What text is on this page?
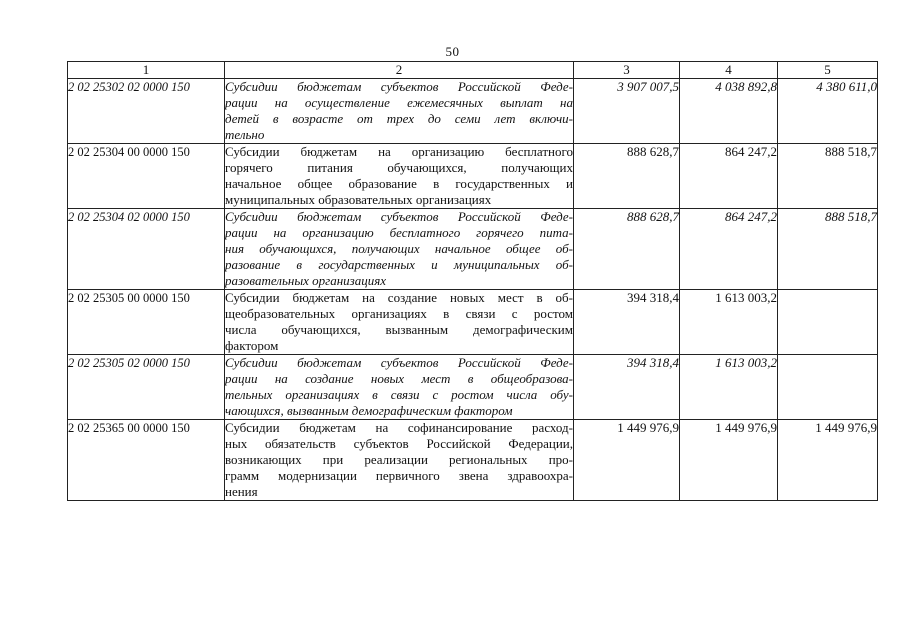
50
1	2	3	4	5
2 02 25302 02 0000 150	Субсидии бюджетам субъектов Российской Феде-
рации на осуществление ежемесячных выплат на
детей в возрасте от трех до семи лет включи-
тельно	3 907 007,5	4 038 892,8	4 380 611,0
2 02 25304 00 0000 150	Субсидии бюджетам на организацию бесплатного
горячего питания обучающихся, получающих
начальное общее образование в государственных и
муниципальных образовательных организациях	888 628,7	864 247,2	888 518,7
2 02 25304 02 0000 150	Субсидии бюджетам субъектов Российской Феде-
рации на организацию бесплатного горячего пита-
ния обучающихся, получающих начальное общее об-
разование в государственных и муниципальных об-
разовательных организациях	888 628,7	864 247,2	888 518,7
2 02 25305 00 0000 150	Субсидии бюджетам на создание новых мест в об-
щеобразовательных организациях в связи с ростом
числа обучающихся, вызванным демографическим
фактором	394 318,4	1 613 003,2	
2 02 25305 02 0000 150	Субсидии бюджетам субъектов Российской Феде-
рации на создание новых мест в общеобразова-
тельных организациях в связи с ростом числа обу-
чающихся, вызванным демографическим фактором	394 318,4	1 613 003,2	
2 02 25365 00 0000 150	Субсидии бюджетам на софинансирование расход-
ных обязательств субъектов Российской Федерации,
возникающих при реализации региональных про-
грамм модернизации первичного звена здравоохра-
нения	1 449 976,9	1 449 976,9	1 449 976,9
